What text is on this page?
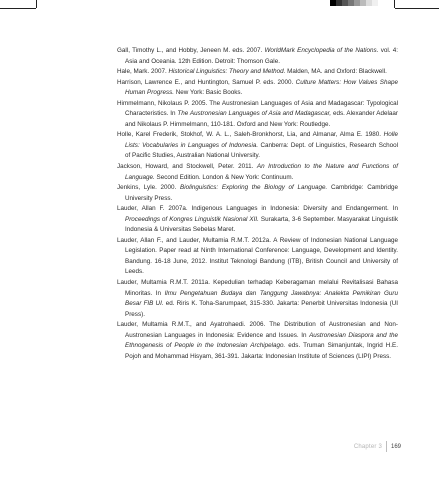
Gall, Timothy L., and Hobby, Jeneen M. eds. 2007. WorldMark Encyclopedia of the Nations. vol. 4: Asia and Oceania. 12th Edition. Detroit: Thomson Gale.
Hale, Mark. 2007. Historical Linguistics: Theory and Method. Malden, MA. and Oxford: Blackwell.
Harrison, Lawrence E., and Huntington, Samuel P. eds. 2000. Culture Matters: How Values Shape Human Progress. New York: Basic Books.
Himmelmann, Nikolaus P. 2005. The Austronesian Languages of Asia and Madagascar: Typological Characteristics. In The Austronesian Languages of Asia and Madagascar, eds. Alexander Adelaar and Nikolaus P. Himmelmann, 110-181. Oxford and New York: Routledge.
Holle, Karel Frederik, Stokhof, W. A. L., Saleh-Bronkhorst, Lia, and Almanar, Alma E. 1980. Holle Lists: Vocabularies in Languages of Indonesia. Canberra: Dept. of Linguistics, Research School of Pacific Studies, Australian National University.
Jackson, Howard, and Stockwell, Peter. 2011. An Introduction to the Nature and Functions of Language. Second Edition. London & New York: Continuum.
Jenkins, Lyle. 2000. Biolinguistics: Exploring the Biology of Language. Cambridge: Cambridge University Press.
Lauder, Allan F. 2007a. Indigenous Languages in Indonesia: Diversity and Endangerment. In Proceedings of Kongres Linguistik Nasional XII. Surakarta, 3-6 September. Masyarakat Linguistik Indonesia & Universitas Sebelas Maret.
Lauder, Allan F., and Lauder, Multamia R.M.T. 2012a. A Review of Indonesian National Language Legislation. Paper read at Ninth International Conference: Language, Development and Identity. Bandung. 16-18 June, 2012. Institut Teknologi Bandung (ITB), British Council and University of Leeds.
Lauder, Multamia R.M.T. 2011a. Kepedulian terhadap Keberagaman melalui Revitalisasi Bahasa Minoritas. In Ilmu Pengetahuan Budaya dan Tanggung Jawabnya: Analekta Pemikiran Guru Besar FIB UI. ed. Riris K. Toha-Sarumpaet, 315-330. Jakarta: Penerbit Universitas Indonesia (UI Press).
Lauder, Multamia R.M.T., and Ayatrohaedi. 2006. The Distribution of Austronesian and Non-Austronesian Languages in Indonesia: Evidence and Issues. In Austronesian Diaspora and the Ethnogenesis of People in the Indonesian Archipelago. eds. Truman Simanjuntak, Ingrid H.E. Pojoh and Mohammad Hisyam, 361-391. Jakarta: Indonesian Institute of Sciences (LIPI) Press.
Chapter 3 169
